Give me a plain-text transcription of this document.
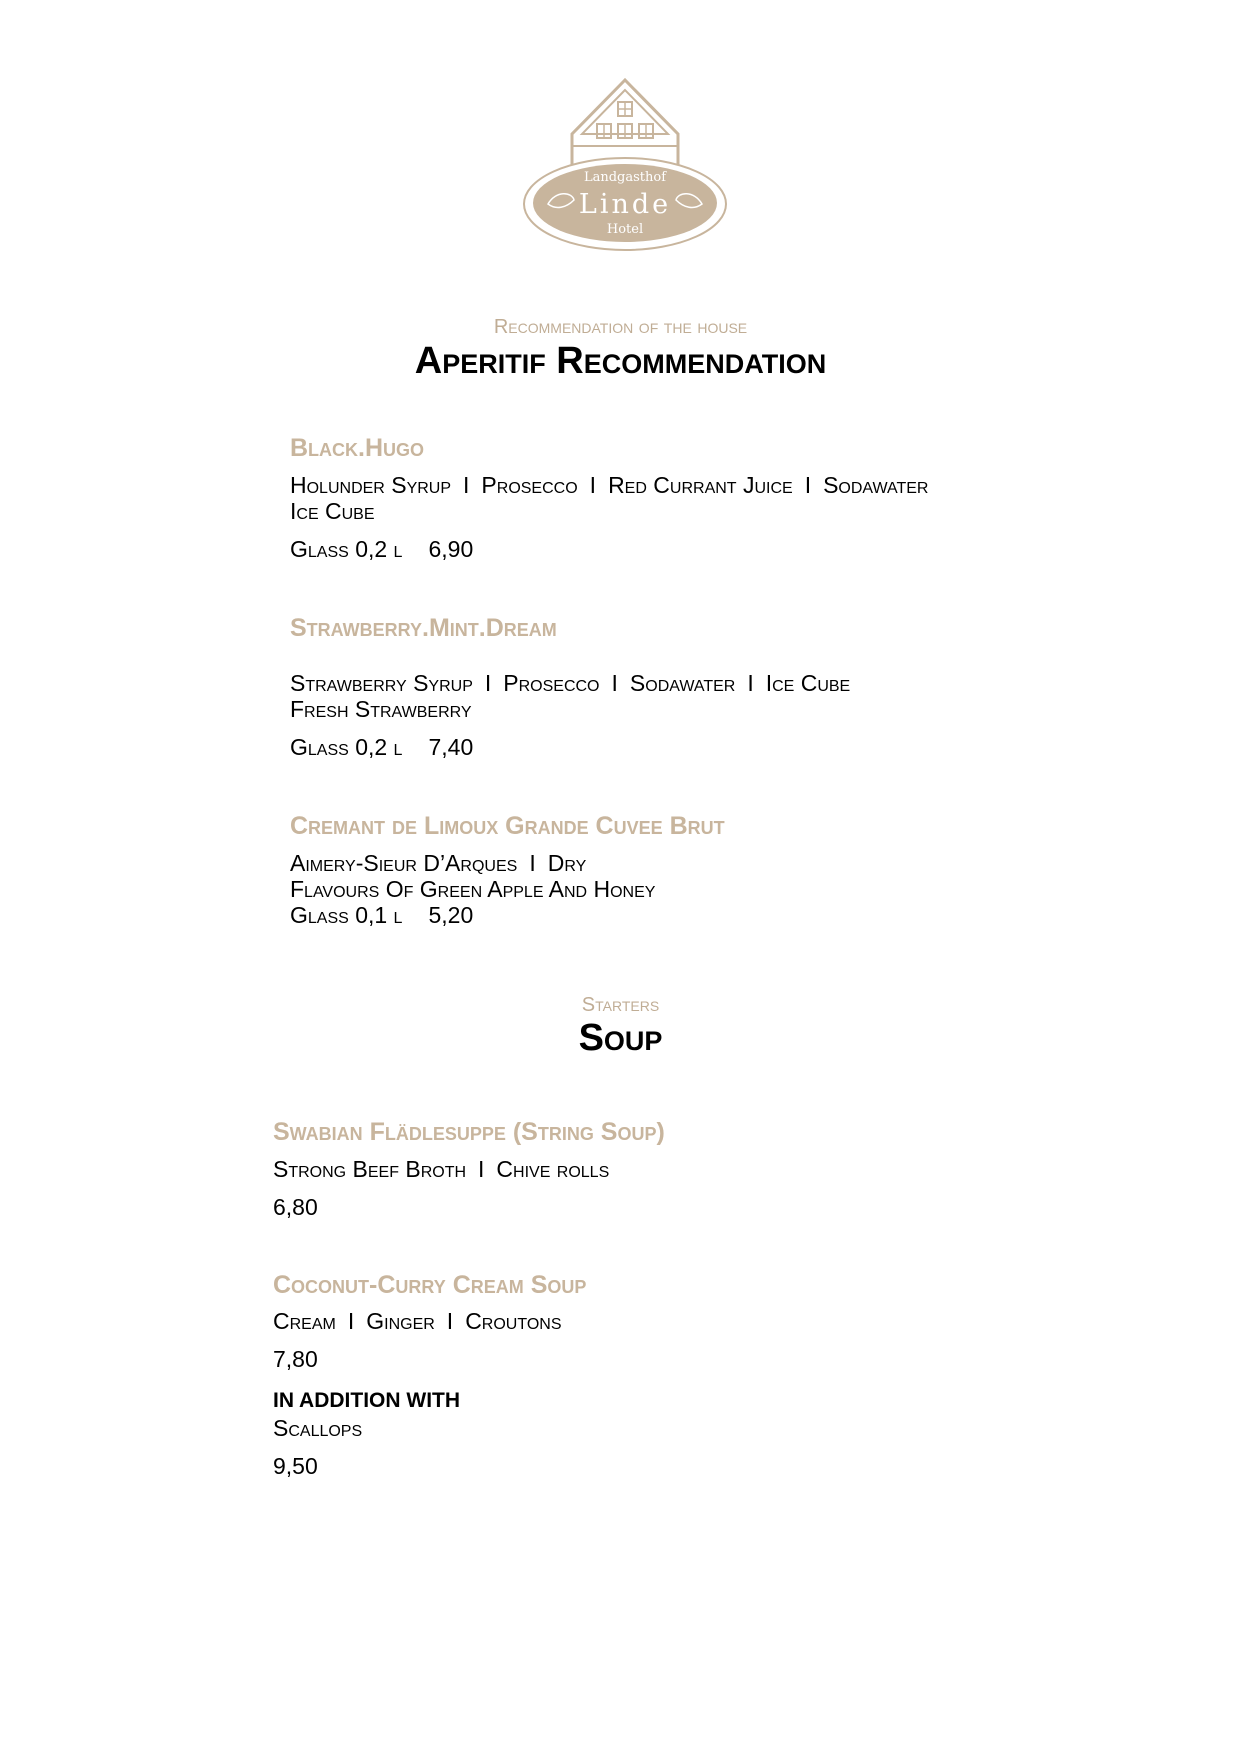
Landgasthof
Linde
Hotel
Recommendation of the house
Aperitif Recommendation
Black.Hugo
Holunder Syrup I Prosecco I Red Currant Juice I Sodawater
Ice Cube
Glass 0,2 l 6,90
Strawberry.Mint.Dream
Strawberry Syrup I Prosecco I Sodawater I Ice Cube
Fresh Strawberry
Glass 0,2 l 7,40
Cremant de Limoux Grande Cuvee Brut
Aimery-Sieur D’Arques I Dry
Flavours Of Green Apple And Honey
Glass 0,1 l 5,20
Starters
Soup
Swabian Flädlesuppe (String Soup)
Strong Beef Broth I Chive rolls
6,80
Coconut-Curry Cream Soup
Cream I Ginger I Croutons
7,80
IN ADDITION WITH
Scallops
9,50
